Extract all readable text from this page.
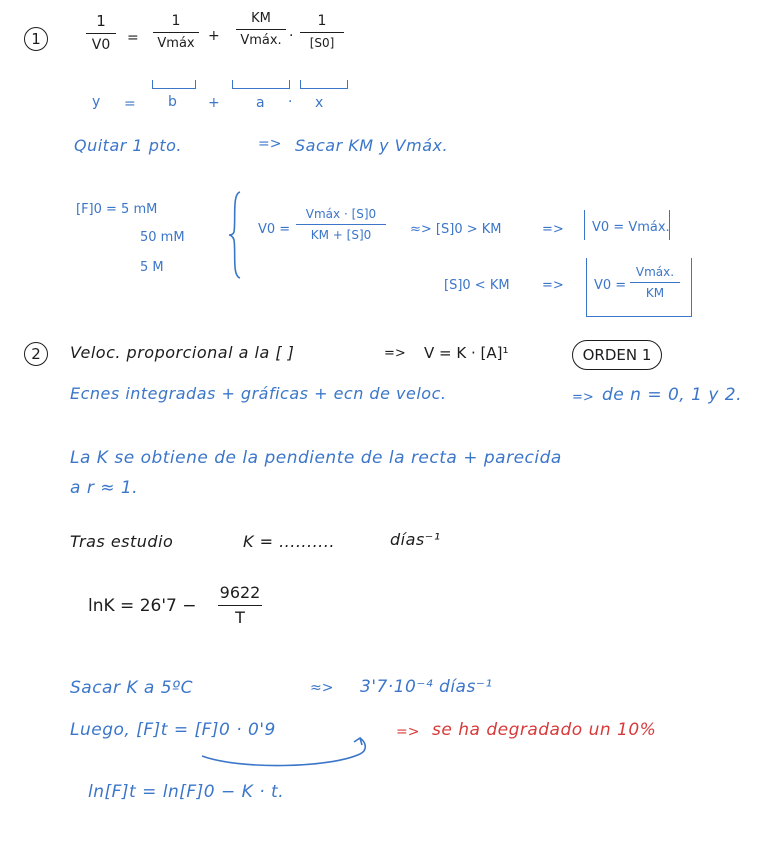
1
1
V0	=
1
Vmáx +
KM
Vmáx. ·
1
[S0]
y = b +	a · x
Quitar 1 pto.	=> Sacar KM y Vmáx.
[F]0 = 5 mM
50 mM
5 M
V0 =
Vmáx · [S]0
KM + [S]0	≈> [S]0 > KM	=> V0 = Vmáx.
[S]0 < KM => V0 =
Vmáx.
KM
2 Veloc. proporcional a la [ ]	=> V = K · [A]¹	ORDEN 1
Ecnes integradas + gráficas + ecn de veloc.	=> de n = 0, 1 y 2.
La K se obtiene de la pendiente de la recta + parecida
a r ≈ 1.
Tras estudio	K = ..........	días⁻¹
lnK = 26'7 −
9622
T
Sacar K a 5ºC	≈> 3'7·10⁻⁴ días⁻¹
Luego, [F]t = [F]0 · 0'9	=> se ha degradado un 10%
ln[F]t = ln[F]0 − K · t.
